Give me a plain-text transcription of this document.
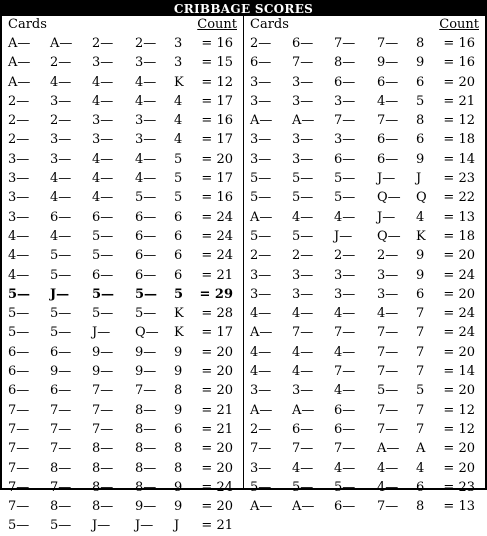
CRIBBAGE SCORES
Cards	Count
A— A— 2— 2— 3 = 16
A— 2— 3— 3— 3 = 15
A— 4— 4— 4— K = 12
2— 3— 4— 4— 4 = 17
2— 2— 3— 3— 4 = 16
2— 3— 3— 3— 4 = 17
3— 3— 4— 4— 5 = 20
3— 4— 4— 4— 5 = 17
3— 4— 4— 5— 5 = 16
3— 6— 6— 6— 6 = 24
4— 4— 5— 6— 6 = 24
4— 5— 5— 6— 6 = 24
4— 5— 6— 6— 6 = 21
5— J— 5— 5— 5 = 29
5— 5— 5— 5— K = 28
5— 5— J— Q— K = 17
6— 6— 9— 9— 9 = 20
6— 9— 9— 9— 9 = 20
6— 6— 7— 7— 8 = 20
7— 7— 7— 8— 9 = 21
7— 7— 7— 8— 6 = 21
7— 7— 8— 8— 8 = 20
7— 8— 8— 8— 8 = 20
7— 7— 8— 8— 9 = 24
7— 8— 8— 9— 9 = 20
5— 5— J— J— J = 21
Cards	Count
2— 6— 7— 7— 8 = 16
6— 7— 8— 9— 9 = 16
3— 3— 6— 6— 6 = 20
3— 3— 3— 4— 5 = 21
A— A— 7— 7— 8 = 12
3— 3— 3— 6— 6 = 18
3— 3— 6— 6— 9 = 14
5— 5— 5— J— J = 23
5— 5— 5— Q— Q = 22
A— 4— 4— J— 4 = 13
5— 5— J— Q— K = 18
2— 2— 2— 2— 9 = 20
3— 3— 3— 3— 9 = 24
3— 3— 3— 3— 6 = 20
4— 4— 4— 4— 7 = 24
A— 7— 7— 7— 7 = 24
4— 4— 4— 7— 7 = 20
4— 4— 7— 7— 7 = 14
3— 3— 4— 5— 5 = 20
A— A— 6— 7— 7 = 12
2— 6— 6— 7— 7 = 12
7— 7— 7— A— A = 20
3— 4— 4— 4— 4 = 20
5— 5— 5— 4— 6 = 23
A— A— 6— 7— 8 = 13
